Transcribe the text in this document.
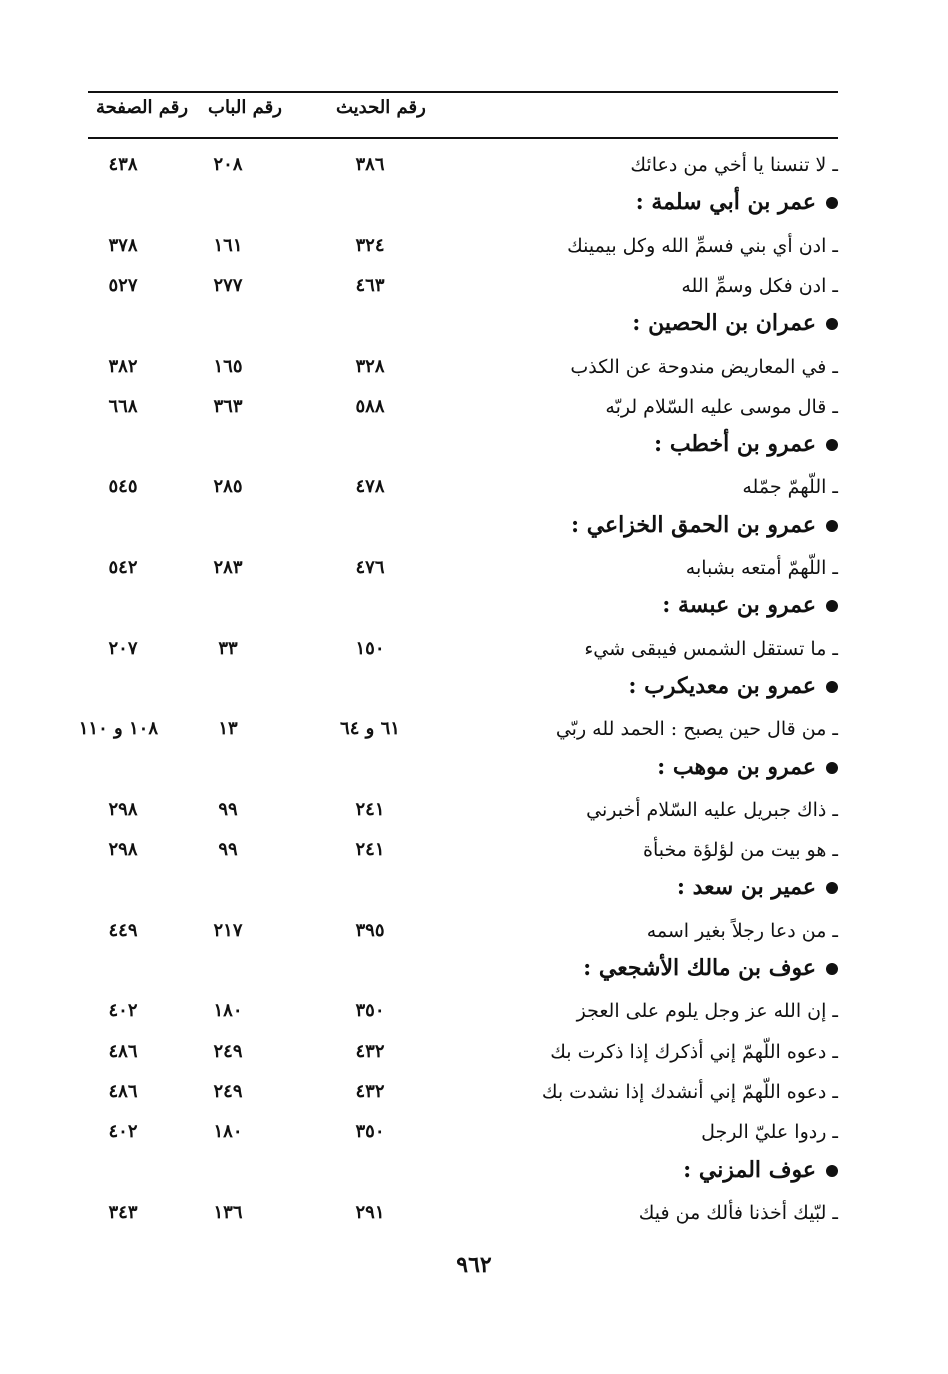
رقم الصفحة رقم الباب	رقم الحديث
ـ لا تنسنا يا أخي من دعائك
٣٨٦
٢٠٨
٤٣٨
عمر بن أبي سلمة :
ـ ادن أي بني فسمِّ الله وكل بيمينك
٣٢٤
١٦١
٣٧٨
ـ ادن فكل وسمِّ الله
٤٦٣
٢٧٧
٥٢٧
عمران بن الحصين :
ـ في المعاريض مندوحة عن الكذب
٣٢٨
١٦٥
٣٨٢
ـ قال موسى عليه السّلام لربّه
٥٨٨
٣٦٣
٦٦٨
عمرو بن أخطب :
ـ اللّهمّ جمّله
٤٧٨
٢٨٥
٥٤٥
عمرو بن الحمق الخزاعي :
ـ اللّهمّ أمتعه بشبابه
٤٧٦
٢٨٣
٥٤٢
عمرو بن عبسة :
ـ ما تستقل الشمس فيبقى شيء
١٥٠
٣٣
٢٠٧
عمرو بن معديكرب :
ـ من قال حين يصبح : الحمد لله ربّي
٦١ و ٦٤
١٣
١٠٨ و ١١٠
عمرو بن موهب :
ـ ذاك جبريل عليه السّلام أخبرني
٢٤١
٩٩
٢٩٨
ـ هو بيت من لؤلؤة مخبأة
٢٤١
٩٩
٢٩٨
عمير بن سعد :
ـ من دعا رجلاً بغير اسمه
٣٩٥
٢١٧
٤٤٩
عوف بن مالك الأشجعي :
ـ إن الله عز وجل يلوم على العجز
٣٥٠
١٨٠
٤٠٢
ـ دعوه اللّهمّ إني أذكرك إذا ذكرت بك
٤٣٢
٢٤٩
٤٨٦
ـ دعوه اللّهمّ إني أنشدك إذا نشدت بك
٤٣٢
٢٤٩
٤٨٦
ـ ردوا عليّ الرجل
٣٥٠
١٨٠
٤٠٢
عوف المزني :
ـ لبّيك أخذنا فألك من فيك
٢٩١
١٣٦
٣٤٣
٩٦٢
